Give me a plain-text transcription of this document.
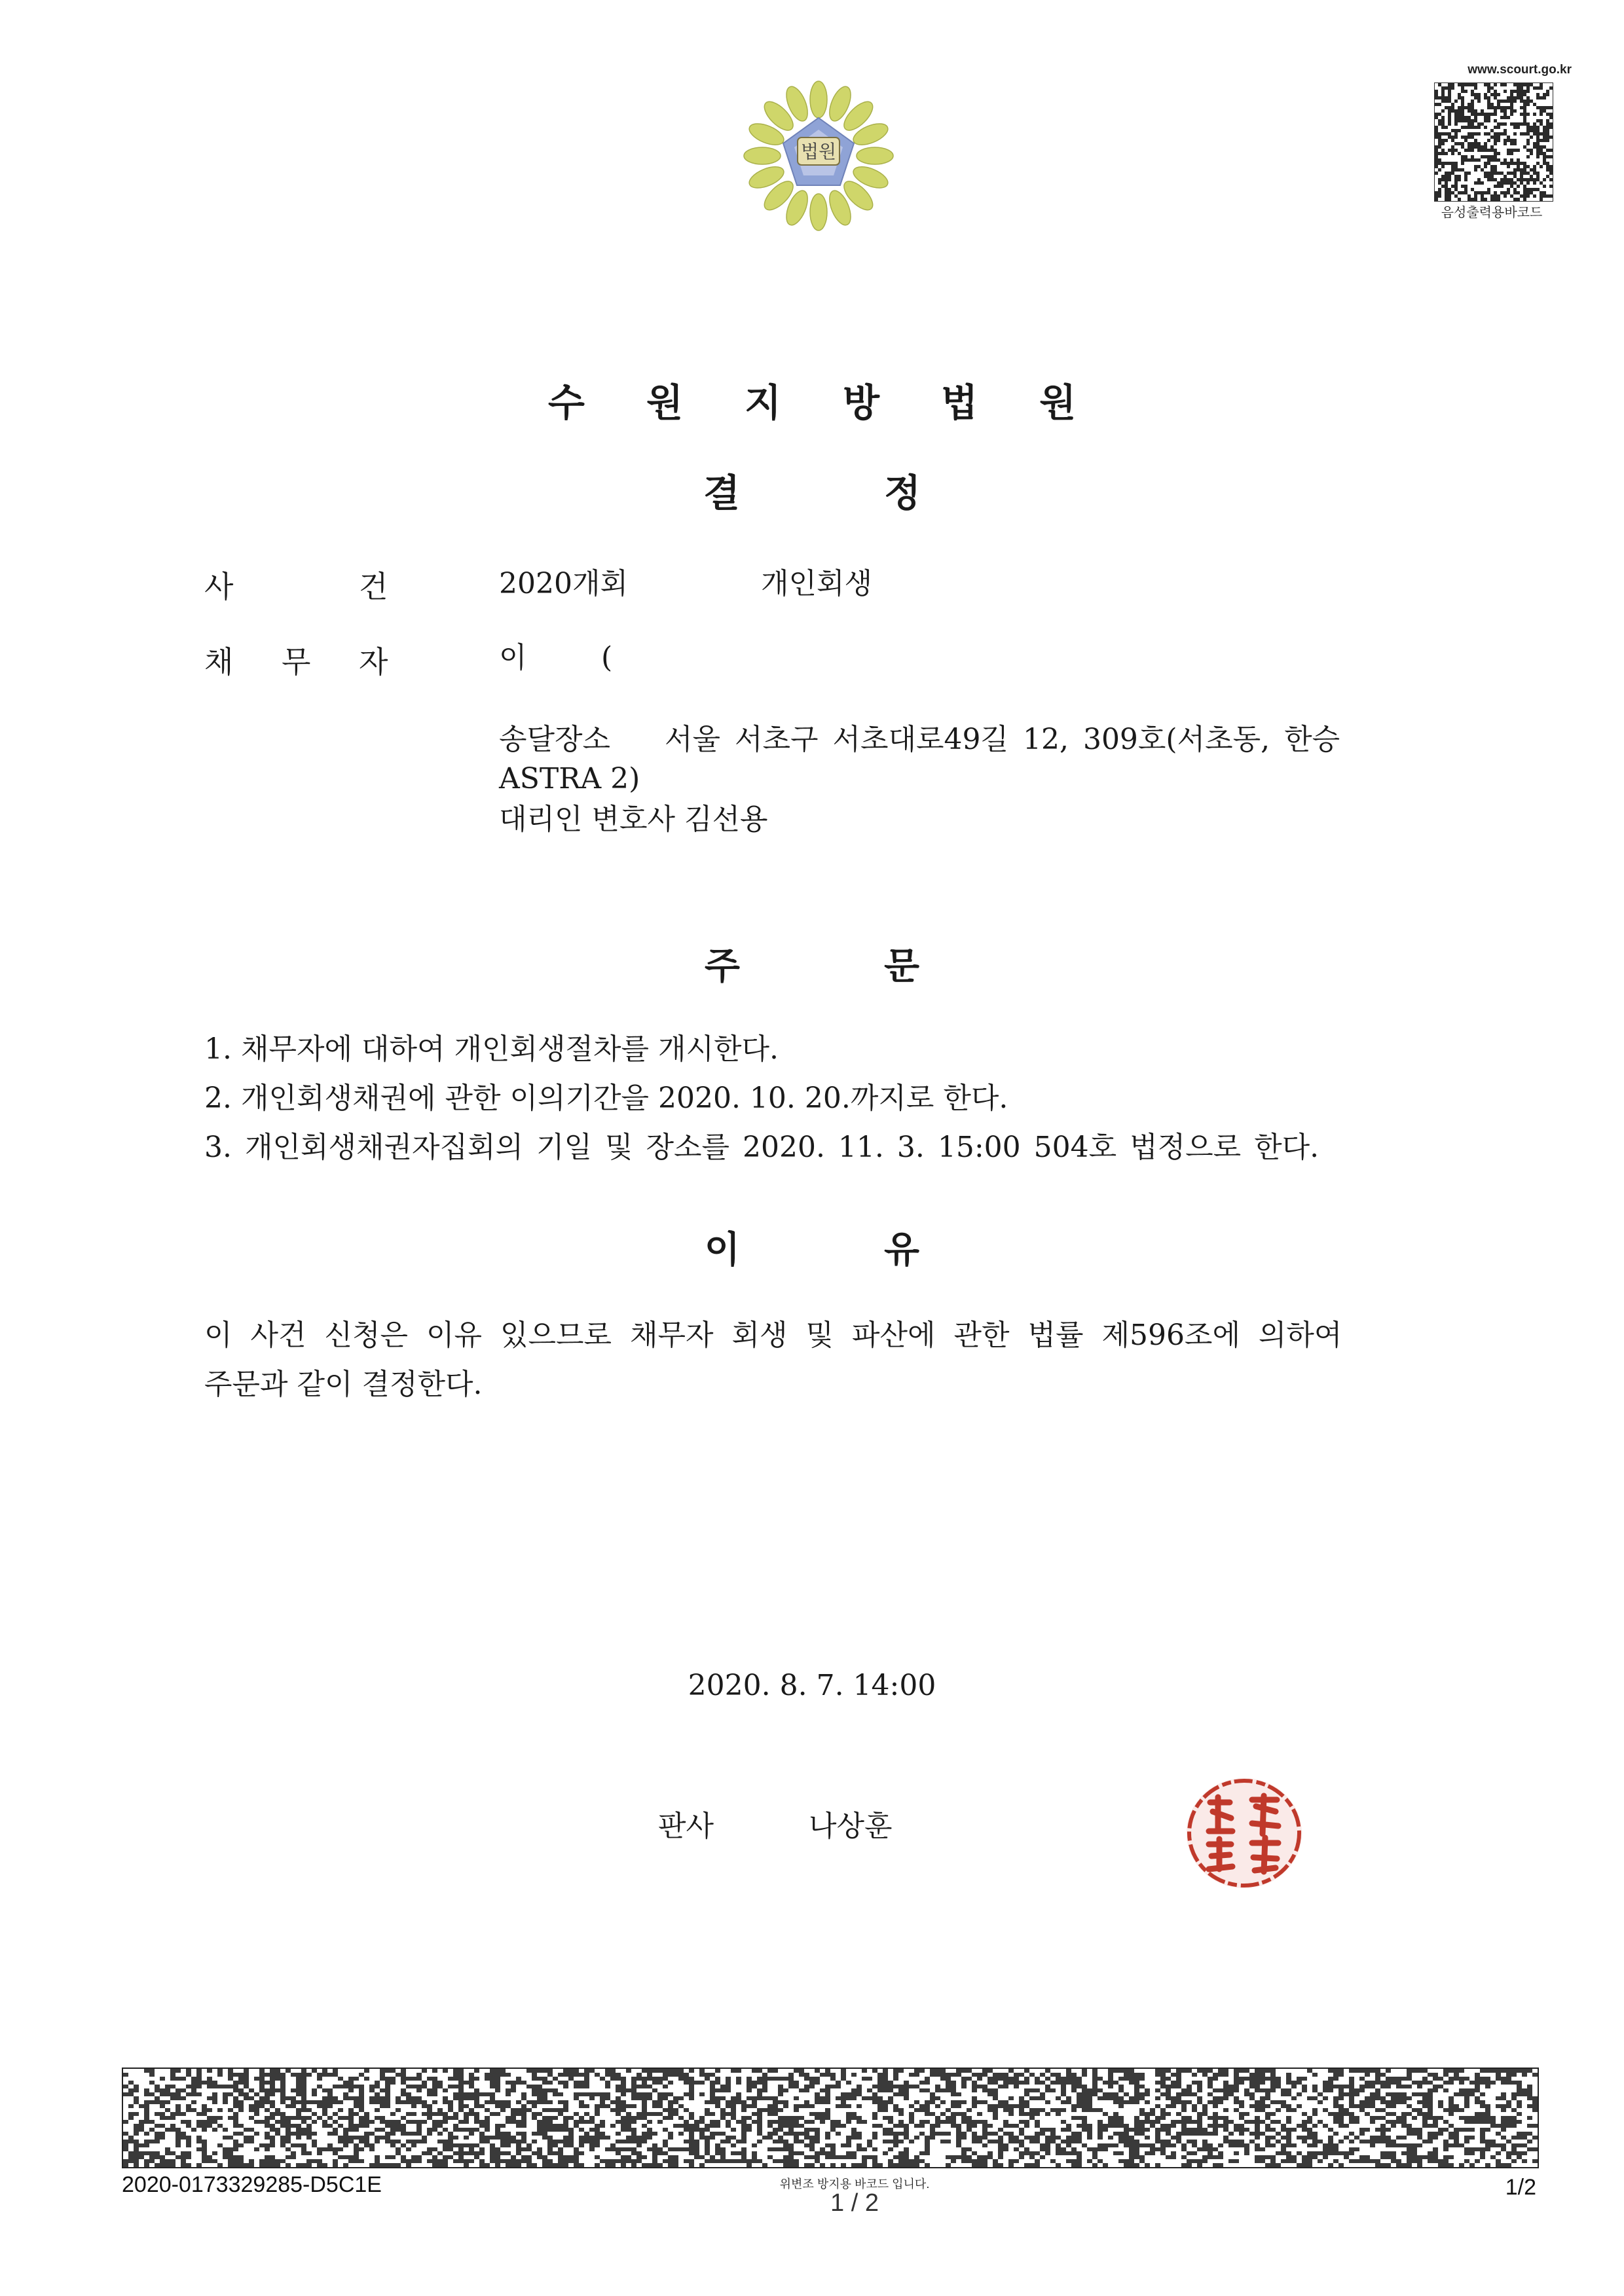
법원
www.scourt.go.kr
음성출력용바코드
수 원 지 방 법 원
결	정
사	건	2020개회	개인회생
채 무 자	이	(
송달장소 서울 서초구 서초대로49길 12, 309호(서초동, 한승
ASTRA 2)
대리인 변호사 김선용
주	문
1. 채무자에 대하여 개인회생절차를 개시한다.
2. 개인회생채권에 관한 이의기간을 2020. 10. 20.까지로 한다.
3. 개인회생채권자집회의 기일 및 장소를 2020. 11. 3. 15:00 504호 법정으로 한다.
이	유
이 사건 신청은 이유 있으므로 채무자 회생 및 파산에 관한 법률 제596조에 의하여
주문과 같이 결정한다.
2020. 8. 7. 14:00
판사	나상훈
2020-0173329285-D5C1E	위변조 방지용 바코드 입니다.
1 / 2
1/2
